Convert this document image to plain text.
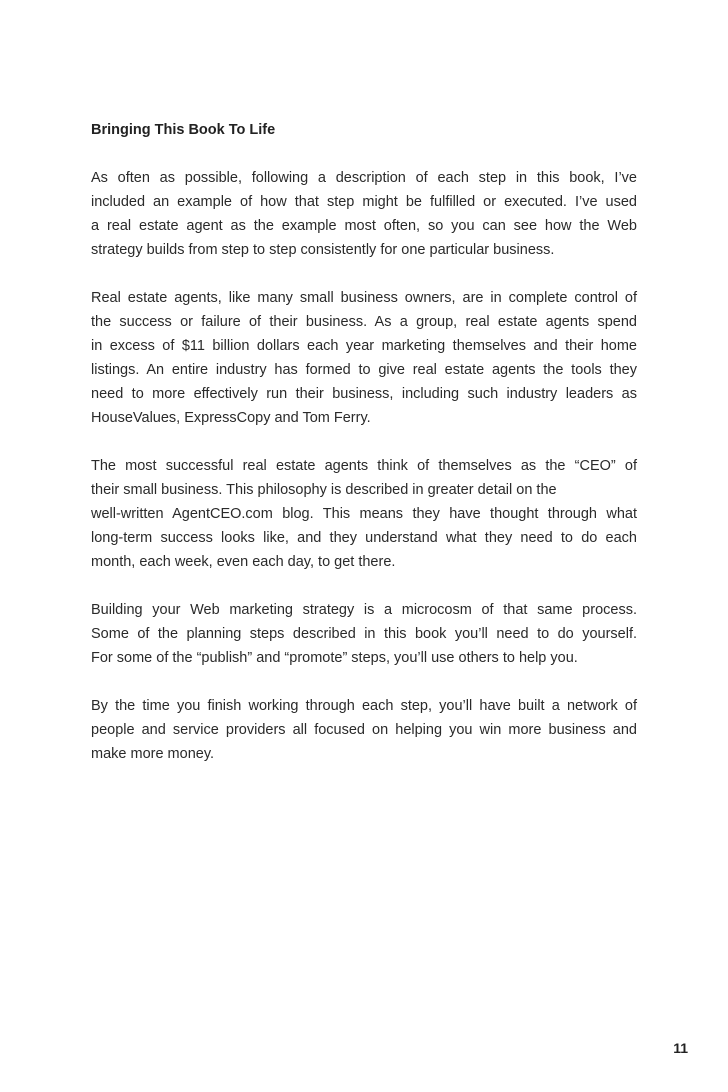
Bringing This Book To Life
As often as possible, following a description of each step in this book, I’ve
included an example of how that step might be fulfilled or executed. I’ve used
a real estate agent as the example most often, so you can see how the Web
strategy builds from step to step consistently for one particular business.
Real estate agents, like many small business owners, are in complete control of
the success or failure of their business. As a group, real estate agents spend
in excess of $11 billion dollars each year marketing themselves and their home
listings. An entire industry has formed to give real estate agents the tools they
need to more effectively run their business, including such industry leaders as
HouseValues, ExpressCopy and Tom Ferry.
The most successful real estate agents think of themselves as the “CEO” of
their small business. This philosophy is described in greater detail on the
well-written AgentCEO.com blog. This means they have thought through what
long-term success looks like, and they understand what they need to do each
month, each week, even each day, to get there.
Building your Web marketing strategy is a microcosm of that same process.
Some of the planning steps described in this book you’ll need to do yourself.
For some of the “publish” and “promote” steps, you’ll use others to help you.
By the time you finish working through each step, you’ll have built a network of
people and service providers all focused on helping you win more business and
make more money.
11
